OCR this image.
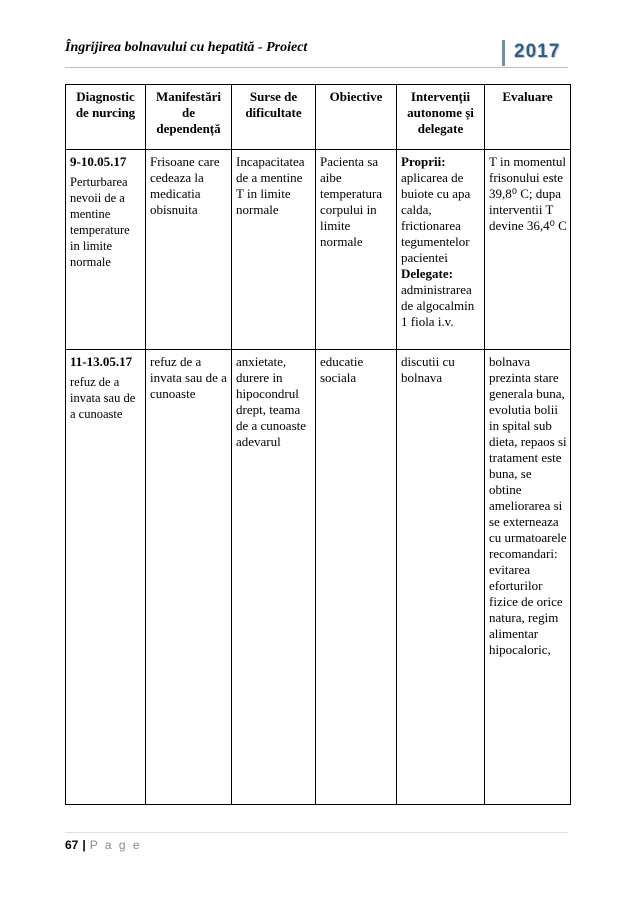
Îngrijirea bolnavului cu hepatită - Proiect	2017
Diagnostic de nurcing	Manifestări de dependență	Surse de dificultate	Obiective	Intervenții autonome și delegate	Evaluare

9-10.05.17
Perturbarea nevoii de a mentine temperature in limite normale	Frisoane care cedeaza la medicatia obisnuita	Incapacitatea de a mentine T in limite normale	Pacienta sa aibe temperatura corpului in limite normale	Proprii:
aplicarea de buiote cu apa calda, frictionarea tegumentelor pacientei
Delegate:
administrarea de algocalmin 1 fiola i.v.	T in momentul frisonului este 39,8⁰ C; dupa interventii T devine 36,4⁰ C

11-13.05.17
refuz de a invata sau de a cunoaste	refuz de a invata sau de a cunoaste	anxietate, durere in hipocondrul drept, teama de a cunoaste adevarul	educatie sociala	discutii cu bolnava	bolnava prezinta stare generala buna, evolutia bolii in spital sub dieta, repaos si tratament este buna, se obtine ameliorarea si se externeaza cu urmatoarele recomandari: evitarea eforturilor fizice de orice natura, regim alimentar hipocaloric,
67 | P a g e
